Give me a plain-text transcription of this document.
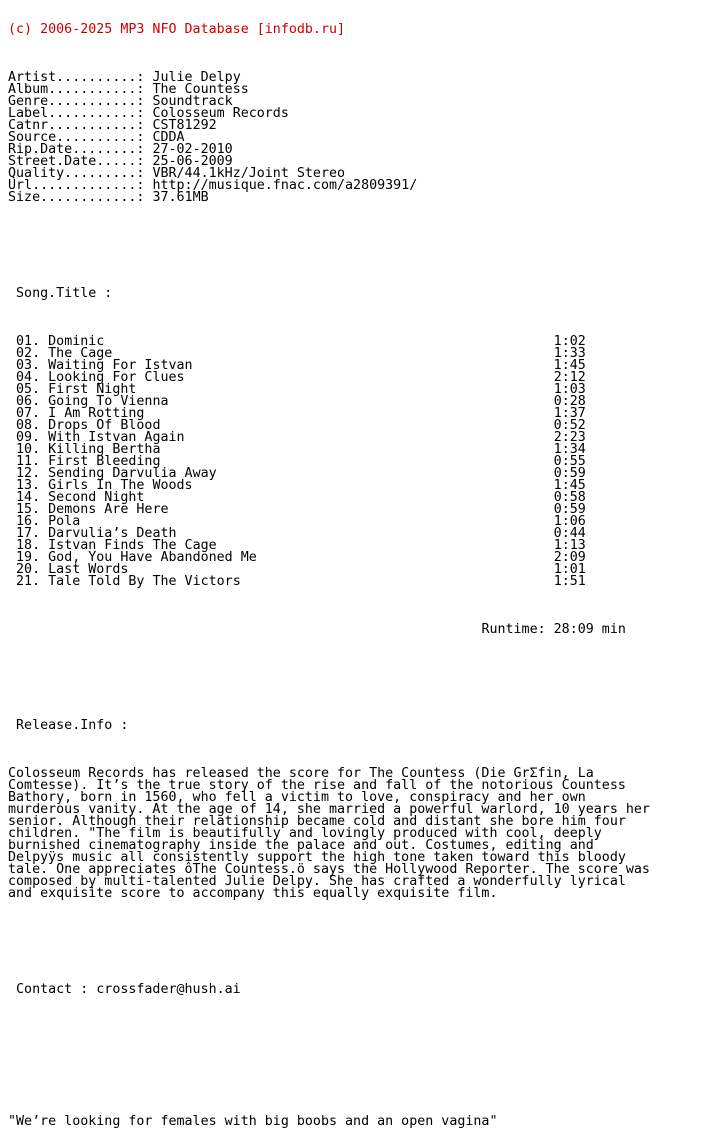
(c) 2006-2025 MP3 NFO Database [infodb.ru]

Artist..........: Julie Delpy
Album...........: The Countess
Genre...........: Soundtrack
Label...........: Colosseum Records
Catnr...........: CST81292
Source..........: CDDA
Rip.Date........: 27-02-2010
Street.Date.....: 25-06-2009
Quality.........: VBR/44.1kHz/Joint Stereo
Url.............: http://musique.fnac.com/a2809391/
Size............: 37.61MB

Song.Title :

01. Dominic	1:02
02. The Cage	1:33
03. Waiting For Istvan	1:45
04. Looking For Clues	2:12
05. First Night	1:03
06. Going To Vienna	0:28
07. I Am Rotting	1:37
08. Drops Of Blood	0:52
09. With Istvan Again	2:23
10. Killing Bertha	1:34
11. First Bleeding	0:55
12. Sending Darvulia Away	0:59
13. Girls In The Woods	1:45
14. Second Night	0:58
15. Demons Are Here	0:59
16. Pola	1:06
17. Darvulia’s Death	0:44
18. Istvan Finds The Cage	1:13
19. God, You Have Abandoned Me	2:09
20. Last Words	1:01
21. Tale Told By The Victors	1:51

Runtime: 28:09 min

Release.Info :

Colosseum Records has released the score for The Countess (Die GrΣfin, La
Comtesse). It’s the true story of the rise and fall of the notorious Countess
Bathory, born in 1560, who fell a victim to love, conspiracy and her own
murderous vanity. At the age of 14, she married a powerful warlord, 10 years her
senior. Although their relationship became cold and distant she bore him four
children. "The film is beautifully and lovingly produced with cool, deeply
burnished cinematography inside the palace and out. Costumes, editing and
Delpyÿs music all consistently support the high tone taken toward this bloody
tale. One appreciates ôThe Countess.ö says the Hollywood Reporter. The score was
composed by multi-talented Julie Delpy. She has crafted a wonderfully lyrical
and exquisite score to accompany this equally exquisite film.

Contact : crossfader@hush.ai

"We’re looking for females with big boobs and an open vagina"
